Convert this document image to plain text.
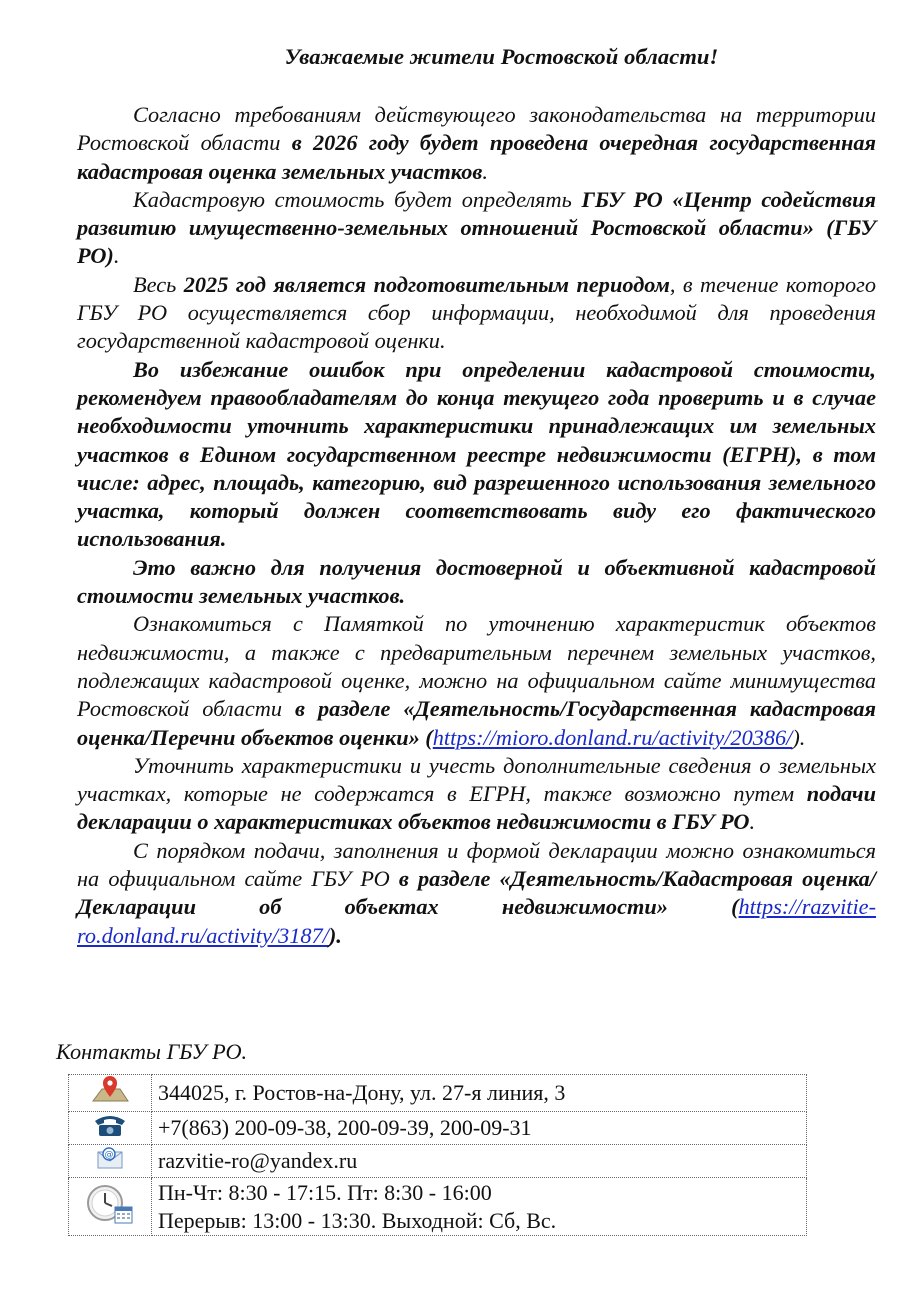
Уважаемые жители Ростовской области!

Согласно требованиям действующего законодательства на территории Ростовской области в 2026 году будет проведена очередная государственная кадастровая оценка земельных участков.

Кадастровую стоимость будет определять ГБУ РО «Центр содействия развитию имущественно-земельных отношений Ростовской области» (ГБУ РО).

Весь 2025 год является подготовительным периодом, в течение которого ГБУ РО осуществляется сбор информации, необходимой для проведения государственной кадастровой оценки.

Во избежание ошибок при определении кадастровой стоимости, рекомендуем правообладателям до конца текущего года проверить и в случае необходимости уточнить характеристики принадлежащих им земельных участков в Едином государственном реестре недвижимости (ЕГРН), в том числе: адрес, площадь, категорию, вид разрешенного использования земельного участка, который должен соответствовать виду его фактического использования.

Это важно для получения достоверной и объективной кадастровой стоимости земельных участков.

Ознакомиться с Памяткой по уточнению характеристик объектов недвижимости, а также с предварительным перечнем земельных участков, подлежащих кадастровой оценке, можно на официальном сайте минимущества Ростовской области в разделе «Деятельность/Государственная кадастровая оценка/Перечни объектов оценки» (https://mioro.donland.ru/activity/20386/).

Уточнить характеристики и учесть дополнительные сведения о земельных участках, которые не содержатся в ЕГРН, также возможно путем подачи декларации о характеристиках объектов недвижимости в ГБУ РО.

С порядком подачи, заполнения и формой декларации можно ознакомиться на официальном сайте ГБУ РО в разделе «Деятельность/Кадастровая оценка/Декларации об объектах недвижимости» (https://razvitie-ro.donland.ru/activity/3187/).

Контакты ГБУ РО.
	344025, г. Ростов-на-Дону, ул. 27-я линия, 3
	+7(863) 200-09-38, 200-09-39, 200-09-31

@	razvitie-ro@yandex.ru

Пн-Чт: 8:30 - 17:15. Пт: 8:30 - 16:00
Перерыв: 13:00 - 13:30. Выходной: Сб, Вс.
